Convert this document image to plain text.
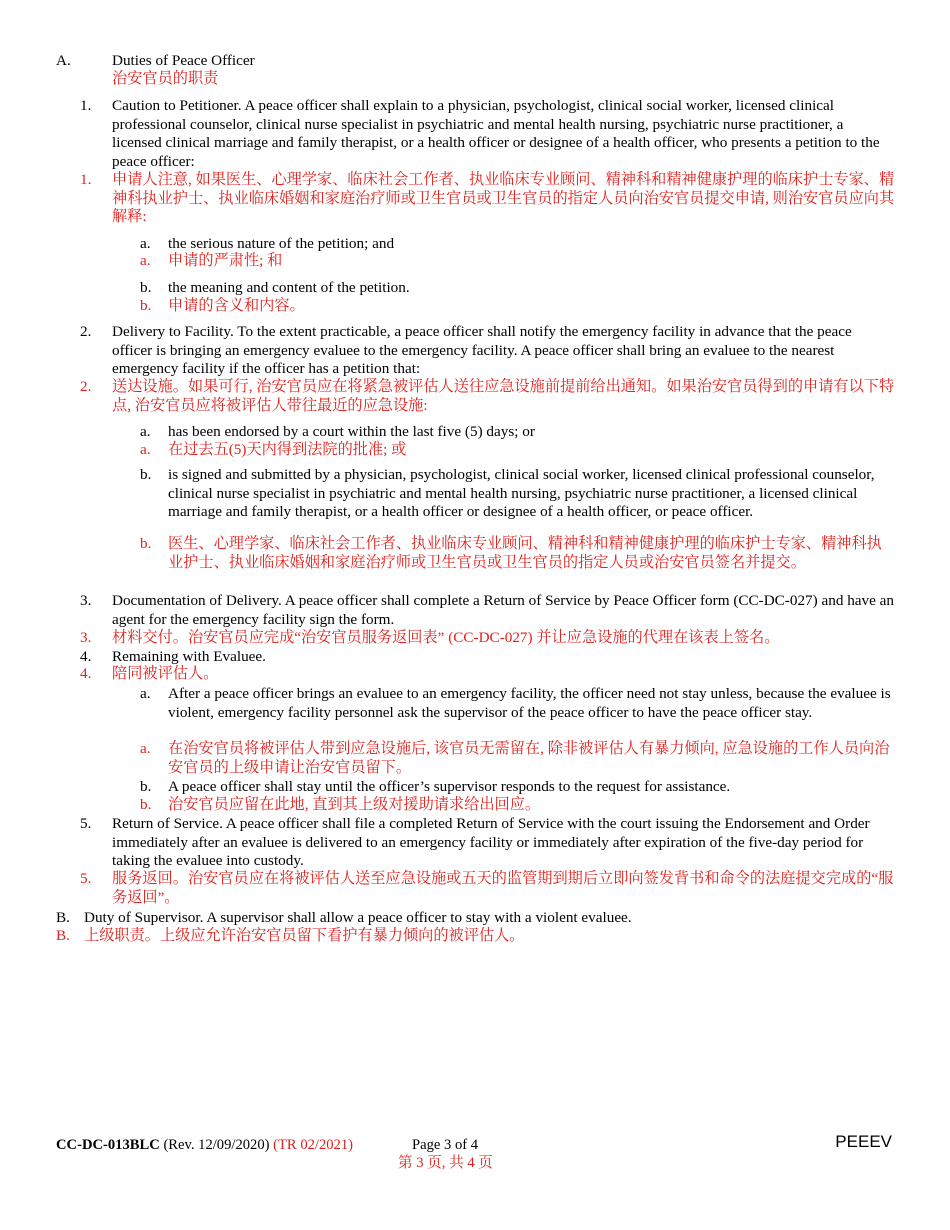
A.	Duties of Peace Officer
治安官员的职责
1. Caution to Petitioner. A peace officer shall explain to a physician, psychologist, clinical social worker, licensed clinical professional counselor, clinical nurse specialist in psychiatric and mental health nursing, psychiatric nurse practitioner, a licensed clinical marriage and family therapist, or a health officer or designee of a health officer, who presents a petition to the peace officer:
1. 申请人注意, 如果医生、心理学家、临床社会工作者、执业临床专业顾问、精神科和精神健康护理的临床护士专家、精神科执业护士、执业临床婚姻和家庭治疗师或卫生官员或卫生官员的指定人员向治安官员提交申请, 则治安官员应向其解释:
a. the serious nature of the petition; and
a. 申请的严肃性; 和
b. the meaning and content of the petition.
b. 申请的含义和内容。
2. Delivery to Facility. To the extent practicable, a peace officer shall notify the emergency facility in advance that the peace officer is bringing an emergency evaluee to the emergency facility. A peace officer shall bring an evaluee to the nearest emergency facility if the officer has a petition that:
2. 送达设施。如果可行, 治安官员应在将紧急被评估人送往应急设施前提前给出通知。如果治安官员得到的申请有以下特点, 治安官员应将被评估人带往最近的应急设施:
a. has been endorsed by a court within the last five (5) days; or
a. 在过去五(5)天内得到法院的批准; 或
b. is signed and submitted by a physician, psychologist, clinical social worker, licensed clinical professional counselor, clinical nurse specialist in psychiatric and mental health nursing, psychiatric nurse practitioner, a licensed clinical marriage and family therapist, or a health officer or designee of a health officer, or peace officer.
b. 医生、心理学家、临床社会工作者、执业临床专业顾问、精神科和精神健康护理的临床护士专家、精神科执业护士、执业临床婚姻和家庭治疗师或卫生官员或卫生官员的指定人员或治安官员签名并提交。
3. Documentation of Delivery. A peace officer shall complete a Return of Service by Peace Officer form (CC-DC-027) and have an agent for the emergency facility sign the form.
3. 材料交付。治安官员应完成“治安官员服务返回表” (CC-DC-027) 并让应急设施的代理在该表上签名。
4. Remaining with Evaluee.
4. 陪同被评估人。
a. After a peace officer brings an evaluee to an emergency facility, the officer need not stay unless, because the evaluee is violent, emergency facility personnel ask the supervisor of the peace officer to have the peace officer stay.
a. 在治安官员将被评估人带到应急设施后, 该官员无需留在, 除非被评估人有暴力倾向, 应急设施的工作人员向治安官员的上级申请让治安官员留下。
b. A peace officer shall stay until the officer’s supervisor responds to the request for assistance.
b. 治安官员应留在此地, 直到其上级对援助请求给出回应。
5. Return of Service. A peace officer shall file a completed Return of Service with the court issuing the Endorsement and Order immediately after an evaluee is delivered to an emergency facility or immediately after expiration of the five-day period for taking the evaluee into custody.
5. 服务返回。治安官员应在将被评估人送至应急设施或五天的监管期到期后立即向签发背书和命令的法庭提交完成的“服务返回”。
B. Duty of Supervisor. A supervisor shall allow a peace officer to stay with a violent evaluee.
B. 上级职责。上级应允许治安官员留下看护有暴力倾向的被评估人。
CC-DC-013BLC (Rev. 12/09/2020) (TR 02/2021)	Page 3 of 4
第 3 页, 共 4 页
PEEEV
